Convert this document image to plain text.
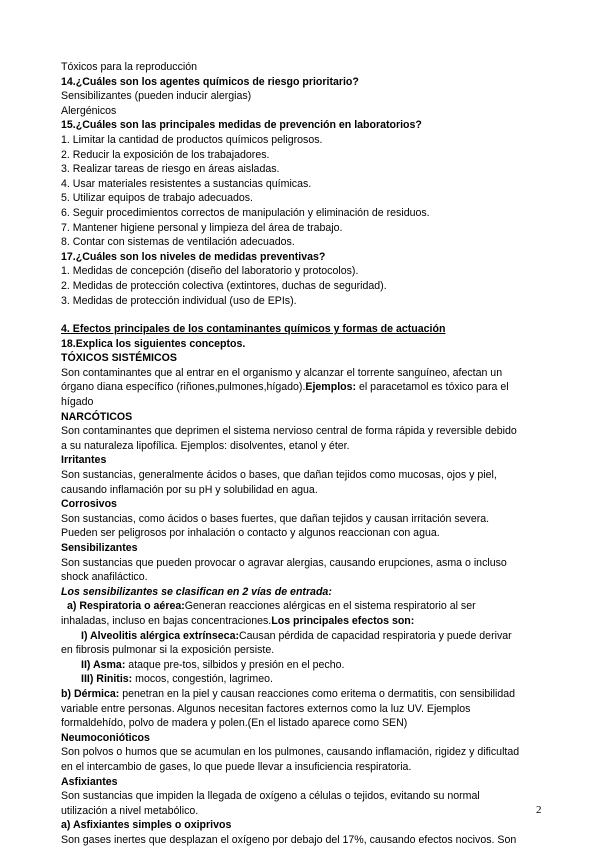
Tóxicos para la reproducción
14.¿Cuáles son los agentes químicos de riesgo prioritario?
Sensibilizantes (pueden inducir alergias)
Alergénicos
15.¿Cuáles son las principales medidas de prevención en laboratorios?
1. Limitar la cantidad de productos químicos peligrosos.
2. Reducir la exposición de los trabajadores.
3. Realizar tareas de riesgo en áreas aisladas.
4. Usar materiales resistentes a sustancias químicas.
5. Utilizar equipos de trabajo adecuados.
6. Seguir procedimientos correctos de manipulación y eliminación de residuos.
7. Mantener higiene personal y limpieza del área de trabajo.
8. Contar con sistemas de ventilación adecuados.
17.¿Cuáles son los niveles de medidas preventivas?
1. Medidas de concepción (diseño del laboratorio y protocolos).
2. Medidas de protección colectiva (extintores, duchas de seguridad).
3. Medidas de protección individual (uso de EPIs).
4. Efectos principales de los contaminantes químicos y formas de actuación
18.Explica los siguientes conceptos.
TÓXICOS SISTÉMICOS
Son contaminantes que al entrar en el organismo y alcanzar el torrente sanguíneo, afectan un
órgano diana específico (riñones,pulmones,hígado).Ejemplos: el paracetamol es tóxico para el
hígado
NARCÓTICOS
Son contaminantes que deprimen el sistema nervioso central de forma rápida y reversible debido
a su naturaleza lipofílica. Ejemplos: disolventes, etanol y éter.
Irritantes
Son sustancias, generalmente ácidos o bases, que dañan tejidos como mucosas, ojos y piel,
causando inflamación por su pH y solubilidad en agua.
Corrosivos
Son sustancias, como ácidos o bases fuertes, que dañan tejidos y causan irritación severa.
Pueden ser peligrosos por inhalación o contacto y algunos reaccionan con agua.
Sensibilizantes
Son sustancias que pueden provocar o agravar alergias, causando erupciones, asma o incluso
shock anafiláctico.
Los sensibilizantes se clasifican en 2 vías de entrada:
a) Respiratoria o aérea:Generan reacciones alérgicas en el sistema respiratorio al ser
inhaladas, incluso en bajas concentraciones.Los principales efectos son:
I) Alveolitis alérgica extrínseca:Causan pérdida de capacidad respiratoria y puede derivar
en fibrosis pulmonar si la exposición persiste.
II) Asma: ataque pre-tos, silbidos y presión en el pecho.
III) Rinitis: mocos, congestión, lagrimeo.
b) Dérmica: penetran en la piel y causan reacciones como eritema o dermatitis, con sensibilidad
variable entre personas. Algunos necesitan factores externos como la luz UV. Ejemplos
formaldehído, polvo de madera y polen.(En el listado aparece como SEN)
Neumoconióticos
Son polvos o humos que se acumulan en los pulmones, causando inflamación, rigidez y dificultad
en el intercambio de gases, lo que puede llevar a insuficiencia respiratoria.
Asfixiantes
Son sustancias que impiden la llegada de oxígeno a células o tejidos, evitando su normal
utilización a nivel metabólico.
a) Asfixiantes simples o oxiprivos
Son gases inertes que desplazan el oxígeno por debajo del 17%, causando efectos nocivos. Son
2
